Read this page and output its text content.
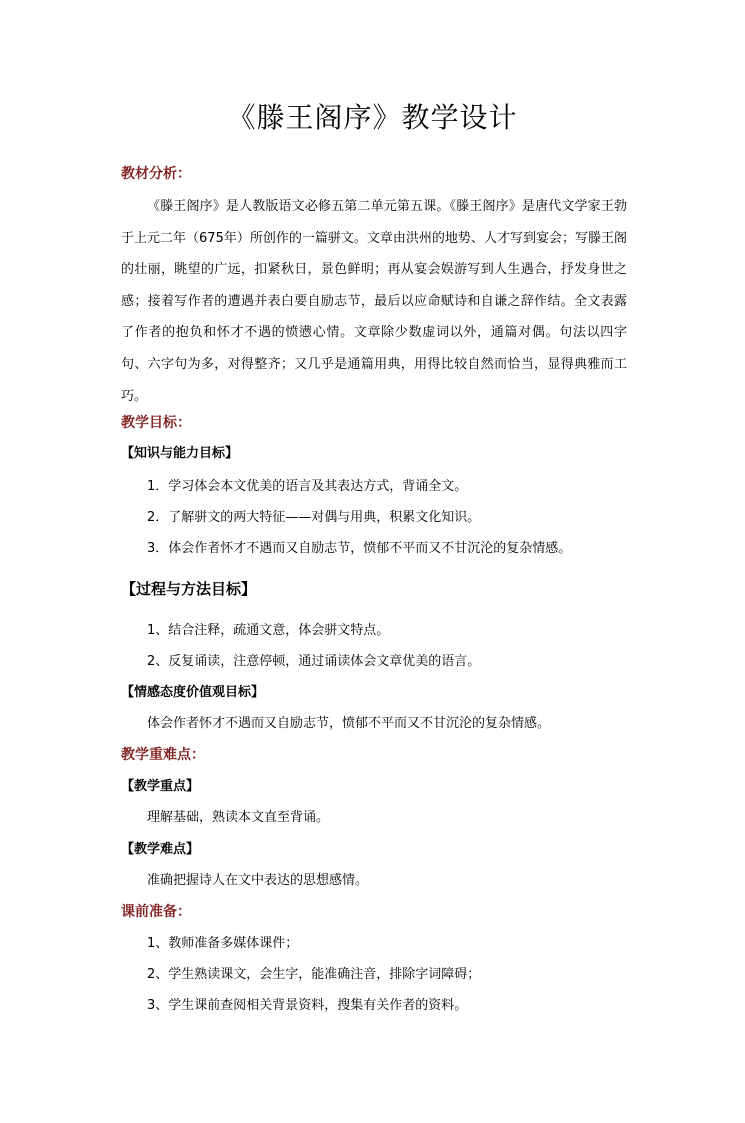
《滕王阁序》教学设计
教材分析：
《滕王阁序》是人教版语文必修五第二单元第五课。《滕王阁序》是唐代文学家王勃于上元二年（675年）所创作的一篇骈文。文章由洪州的地势、人才写到宴会；写滕王阁的壮丽，眺望的广远，扣紧秋日，景色鲜明；再从宴会娱游写到人生遇合，抒发身世之感；接着写作者的遭遇并表白要自励志节，最后以应命赋诗和自谦之辞作结。全文表露了作者的抱负和怀才不遇的愤懑心情。文章除少数虚词以外，通篇对偶。句法以四字句、六字句为多，对得整齐；又几乎是通篇用典，用得比较自然而恰当，显得典雅而工巧。
教学目标：
【知识与能力目标】
1．学习体会本文优美的语言及其表达方式，背诵全文。
2．了解骈文的两大特征——对偶与用典，积累文化知识。
3．体会作者怀才不遇而又自励志节，愤郁不平而又不甘沉沦的复杂情感。
【过程与方法目标】
1、结合注释，疏通文意，体会骈文特点。
2、反复诵读，注意停顿，通过诵读体会文章优美的语言。
【情感态度价值观目标】
体会作者怀才不遇而又自励志节，愤郁不平而又不甘沉沦的复杂情感。
教学重难点：
【教学重点】
理解基础，熟读本文直至背诵。
【教学难点】
准确把握诗人在文中表达的思想感情。
课前准备：
1、教师准备多媒体课件；
2、学生熟读课文，会生字，能准确注音，排除字词障碍；
3、学生课前查阅相关背景资料，搜集有关作者的资料。
